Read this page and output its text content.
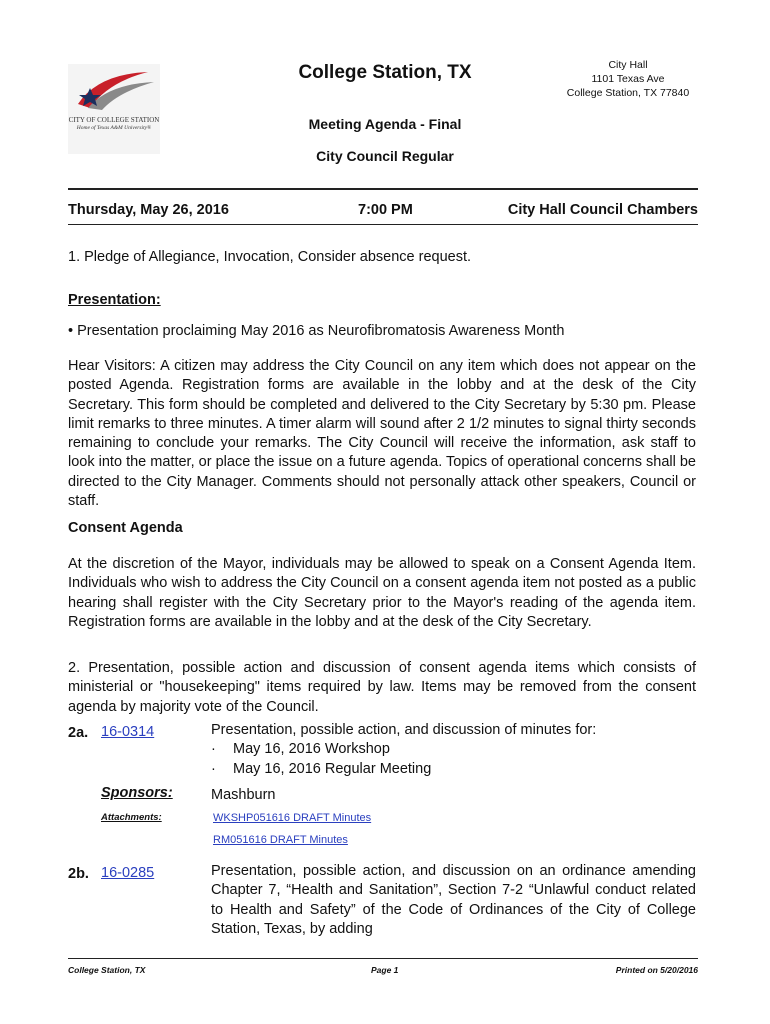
CITY OF COLLEGE STATION
Home of Texas A&M University®
College Station, TX	City Hall
1101 Texas Ave
College Station, TX 77840
Meeting Agenda - Final
City Council Regular
Thursday, May 26, 2016	7:00 PM	City Hall Council Chambers
1. Pledge of Allegiance, Invocation, Consider absence request.
Presentation:
• Presentation proclaiming May 2016 as Neurofibromatosis Awareness Month
Hear Visitors: A citizen may address the City Council on any item which does not appear on the posted Agenda. Registration forms are available in the lobby and at the desk of the City Secretary. This form should be completed and delivered to the City Secretary by 5:30 pm. Please limit remarks to three minutes. A timer alarm will sound after 2 1/2 minutes to signal thirty seconds remaining to conclude your remarks. The City Council will receive the information, ask staff to look into the matter, or place the issue on a future agenda. Topics of operational concerns shall be directed to the City Manager. Comments should not personally attack other speakers, Council or staff.
Consent Agenda
At the discretion of the Mayor, individuals may be allowed to speak on a Consent Agenda Item. Individuals who wish to address the City Council on a consent agenda item not posted as a public hearing shall register with the City Secretary prior to the Mayor's reading of the agenda item. Registration forms are available in the lobby and at the desk of the City Secretary.
2. Presentation, possible action and discussion of consent agenda items which consists of ministerial or "housekeeping" items required by law. Items may be removed from the consent agenda by majority vote of the Council.
2a. 16-0314	Presentation, possible action, and discussion of minutes for:
· May 16, 2016 Workshop
· May 16, 2016 Regular Meeting
Sponsors:	Mashburn
Attachments:	WKSHP051616 DRAFT Minutes
RM051616 DRAFT Minutes
2b. 16-0285	Presentation, possible action, and discussion on an ordinance amending Chapter 7, “Health and Sanitation”, Section 7-2 “Unlawful conduct related to Health and Safety” of the Code of Ordinances of the City of College Station, Texas, by adding
College Station, TX	Page 1	Printed on 5/20/2016
